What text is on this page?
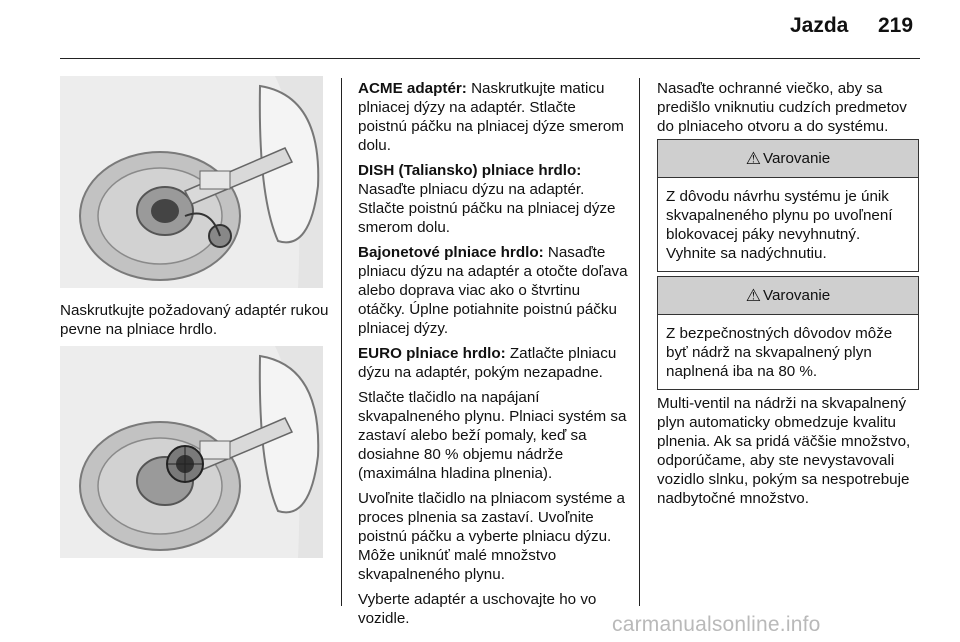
Jazda 219

Naskrutkujte požadovaný adaptér rukou pevne na plniace hrdlo.

ACME adaptér: Naskrutkujte maticu plniacej dýzy na adaptér. Stlačte poistnú páčku na plniacej dýze smerom dolu.

DISH (Taliansko) plniace hrdlo:
Nasaďte plniacu dýzu na adaptér. Stlačte poistnú páčku na plniacej dýze smerom dolu.

Bajonetové plniace hrdlo: Nasaďte plniacu dýzu na adaptér a otočte doľava alebo doprava viac ako o štvrtinu otáčky. Úplne potiahnite poistnú páčku plniacej dýzy.

EURO plniace hrdlo: Zatlačte plniacu dýzu na adaptér, pokým nezapadne.

Stlačte tlačidlo na napájaní skvapalneného plynu. Plniaci systém sa zastaví alebo beží pomaly, keď sa dosiahne 80 % objemu nádrže (maximálna hladina plnenia).

Uvoľnite tlačidlo na plniacom systéme a proces plnenia sa zastaví. Uvoľnite poistnú páčku a vyberte plniacu dýzu. Môže uniknúť malé množstvo skvapalneného plynu.

Vyberte adaptér a uschovajte ho vo vozidle.

Nasaďte ochranné viečko, aby sa predišlo vniknutiu cudzích predmetov do plniaceho otvoru a do systému.

⚠ Varovanie
Z dôvodu návrhu systému je únik skvapalneného plynu po uvoľnení blokovacej páky nevyhnutný. Vyhnite sa nadýchnutiu.
⚠ Varovanie
Z bezpečnostných dôvodov môže byť nádrž na skvapalnený plyn naplnená iba na 80 %.

Multi-ventil na nádrži na skvapalnený plyn automaticky obmedzuje kvalitu plnenia. Ak sa pridá väčšie množstvo, odporúčame, aby ste nevystavovali vozidlo slnku, pokým sa nespotrebuje nadbytočné množstvo.

carmanualsonline.info
